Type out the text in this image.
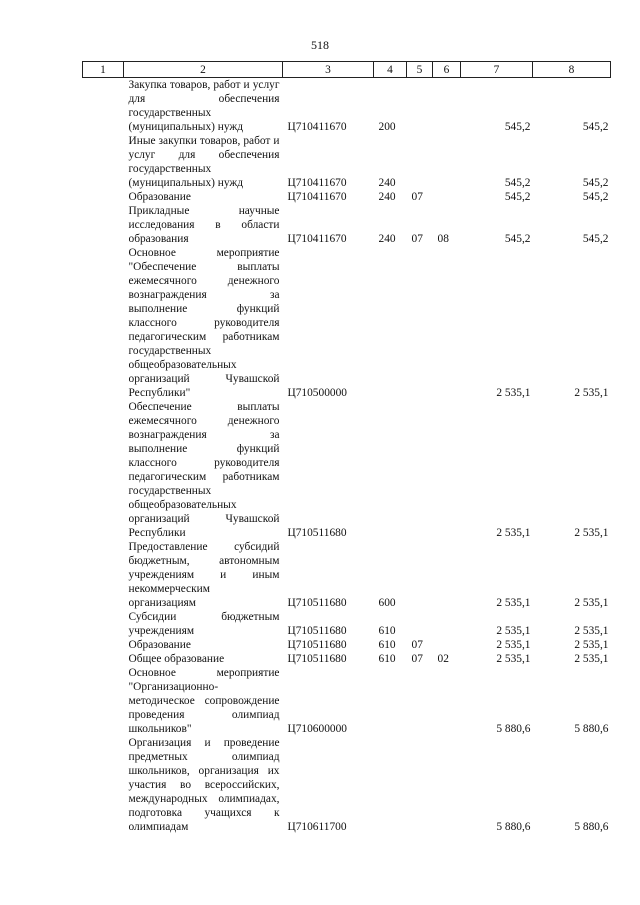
518
1	2	3	4	5	6	7	8
	Закупка товаров, работ и услуг для обеспечения государственных (муниципальных) нужд	Ц710411670	200			545,2	545,2
	Иные закупки товаров, работ и услуг для обеспечения государственных (муниципальных) нужд	Ц710411670	240			545,2	545,2
	Образование	Ц710411670	240	07		545,2	545,2
	Прикладные научные исследования в области образования	Ц710411670	240	07	08	545,2	545,2
	Основное мероприятие "Обеспечение выплаты ежемесячного денежного вознаграждения за выполнение функций классного руководителя педагогическим работникам государственных общеобразовательных организаций Чувашской Республики"	Ц710500000				2 535,1	2 535,1
	Обеспечение выплаты ежемесячного денежного вознаграждения за выполнение функций классного руководителя педагогическим работникам государственных общеобразовательных организаций Чувашской Республики	Ц710511680				2 535,1	2 535,1
	Предоставление субсидий бюджетным, автономным учреждениям и иным некоммерческим организациям	Ц710511680	600			2 535,1	2 535,1
	Субсидии бюджетным учреждениям	Ц710511680	610			2 535,1	2 535,1
	Образование	Ц710511680	610	07		2 535,1	2 535,1
	Общее образование	Ц710511680	610	07	02	2 535,1	2 535,1
	Основное мероприятие "Организационно-методическое сопровождение проведения олимпиад школьников"	Ц710600000				5 880,6	5 880,6
	Организация и проведение предметных олимпиад школьников, организация их участия во всероссийских, международных олимпиадах, подготовка учащихся к олимпиадам	Ц710611700				5 880,6	5 880,6
